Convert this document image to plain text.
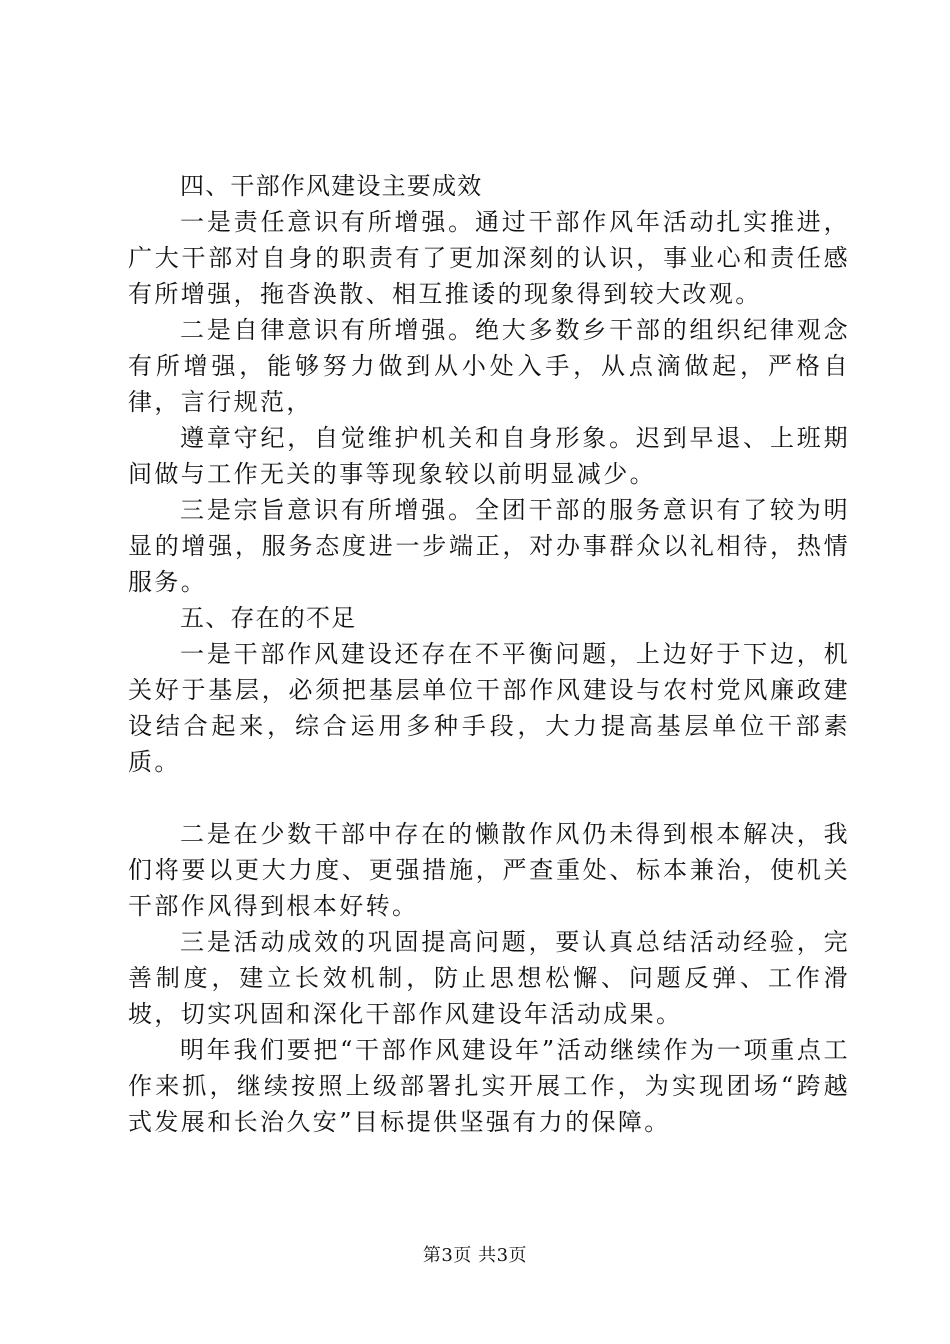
四、干部作风建设主要成效

一是责任意识有所增强。通过干部作风年活动扎实推进，广大干部对自身的职责有了更加深刻的认识，事业心和责任感有所增强，拖沓涣散、相互推诿的现象得到较大改观。

二是自律意识有所增强。绝大多数乡干部的组织纪律观念有所增强，能够努力做到从小处入手，从点滴做起，严格自律，言行规范，

遵章守纪，自觉维护机关和自身形象。迟到早退、上班期间做与工作无关的事等现象较以前明显减少。

三是宗旨意识有所增强。全团干部的服务意识有了较为明显的增强，服务态度进一步端正，对办事群众以礼相待，热情服务。

五、存在的不足

一是干部作风建设还存在不平衡问题，上边好于下边，机关好于基层，必须把基层单位干部作风建设与农村党风廉政建设结合起来，综合运用多种手段，大力提高基层单位干部素质。

二是在少数干部中存在的懒散作风仍未得到根本解决，我们将要以更大力度、更强措施，严查重处、标本兼治，使机关干部作风得到根本好转。

三是活动成效的巩固提高问题，要认真总结活动经验，完善制度，建立长效机制，防止思想松懈、问题反弹、工作滑坡，切实巩固和深化干部作风建设年活动成果。

明年我们要把“干部作风建设年”活动继续作为一项重点工作来抓，继续按照上级部署扎实开展工作，为实现团场“跨越式发展和长治久安”目标提供坚强有力的保障。

第3页 共3页
